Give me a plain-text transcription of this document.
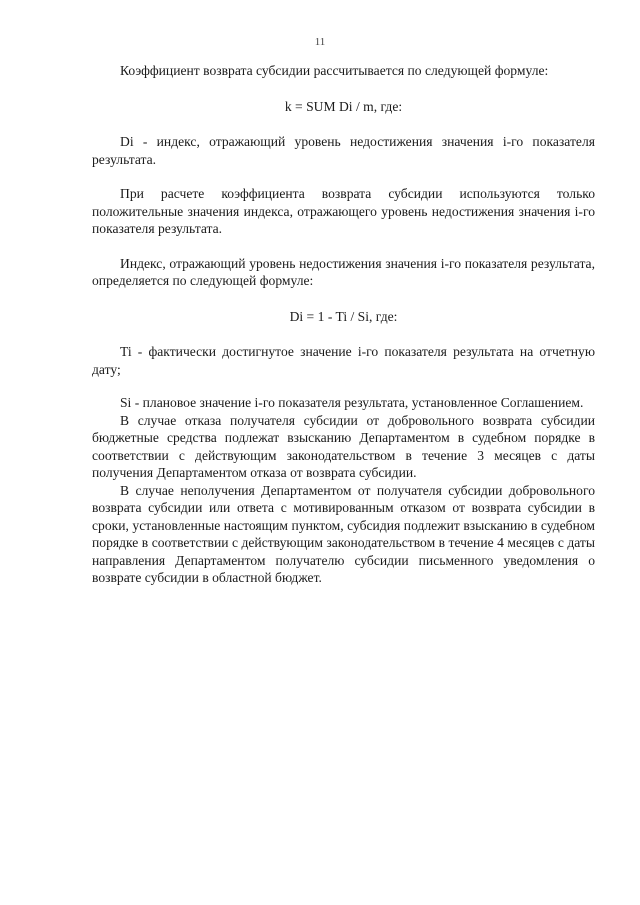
11

Коэффициент возврата субсидии рассчитывается по следующей формуле:

k = SUM Di / m, где:

Di - индекс, отражающий уровень недостижения значения i-го показателя результата.

При расчете коэффициента возврата субсидии используются только положительные значения индекса, отражающего уровень недостижения значения i-го показателя результата.

Индекс, отражающий уровень недостижения значения i-го показателя результата, определяется по следующей формуле:

Di = 1 - Ti / Si, где:

Ti - фактически достигнутое значение i-го показателя результата на отчетную дату;

Si - плановое значение i-го показателя результата, установленное Соглашением.

В случае отказа получателя субсидии от добровольного возврата субсидии бюджетные средства подлежат взысканию Департаментом в судебном порядке в соответствии с действующим законодательством в течение 3 месяцев с даты получения Департаментом отказа от возврата субсидии.

В случае неполучения Департаментом от получателя субсидии добровольного возврата субсидии или ответа с мотивированным отказом от возврата субсидии в сроки, установленные настоящим пунктом, субсидия подлежит взысканию в судебном порядке в соответствии с действующим законодательством в течение 4 месяцев с даты направления Департаментом получателю субсидии письменного уведомления о возврате субсидии в областной бюджет.
